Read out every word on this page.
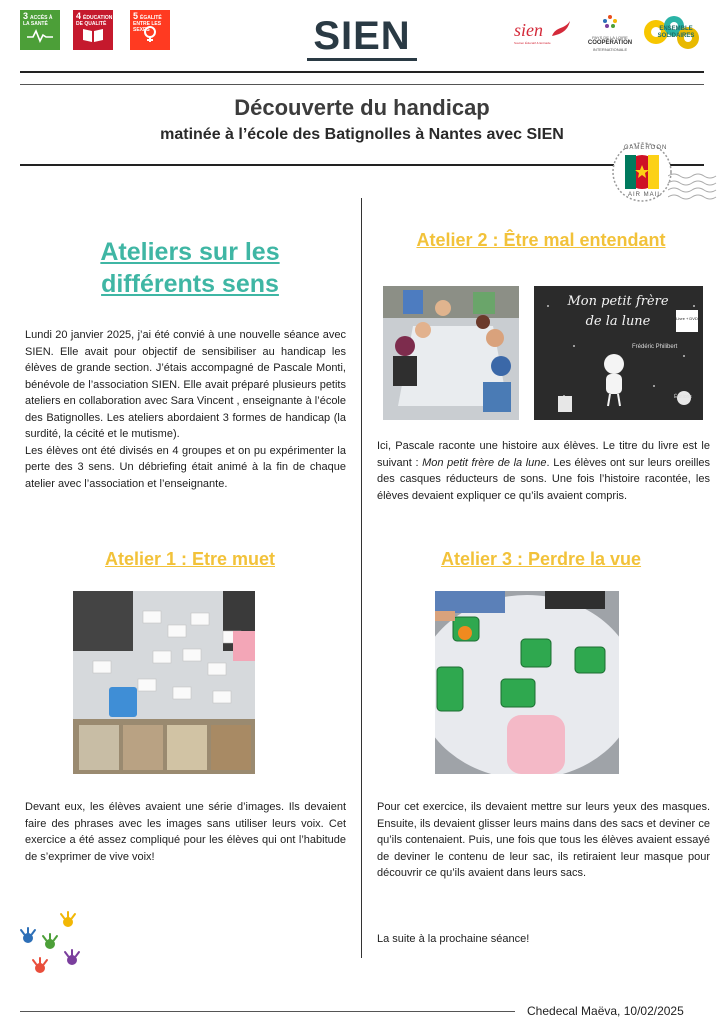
3 ACCÈS À LA SANTÉ
4 ÉDUCATION DE QUALITÉ
5 ÉGALITÉ ENTRE LES SEXES	SIEN	sien
Soutien Éducatif & Entraide
PAYS DE LA LOIRE
COOPÉRATION
INTERNATIONALE
ENSEMBLE SOLIDAIRES
Découverte du handicap
matinée à l’école des Batignolles à Nantes avec SIEN
CAMEROON
AIR MAIL
Ateliers sur les
différents sens
Lundi 20 janvier 2025, j’ai été convié à une nouvelle séance avec SIEN. Elle avait pour objectif de sensibiliser au handicap les élèves de grande section. J’étais accompagné de Pascale Monti, bénévole de l’association SIEN. Elle avait préparé plusieurs petits ateliers en collaboration avec Sara Vincent , enseignante à l’école des Batignolles. Les ateliers abordaient 3 formes de handicap (la surdité, la cécité et le mutisme).
Les élèves ont été divisés en 4 groupes et on pu expérimenter la perte des 3 sens. Un débriefing était animé à la fin de chaque atelier avec l’association et l’enseignante.
Atelier 1 : Etre muet
Devant eux, les élèves avaient une série d’images. Ils devaient faire des phrases avec les images sans utiliser leurs voix. Cet exercice a été assez compliqué pour les élèves qui ont l’habitude de s’exprimer de vive voix!
Atelier 2 : Être mal entendant
Mon petit frère
de la lune
Frédéric Philibert
Livre + DVD
Éditions
Ici, Pascale raconte une histoire aux élèves. Le titre du livre est le suivant : Mon petit frère de la lune. Les élèves ont sur leurs oreilles des casques réducteurs de sons. Une fois l’histoire racontée, les élèves devaient expliquer ce qu’ils avaient compris.
Atelier 3 : Perdre la vue
Pour cet exercice, ils devaient mettre sur leurs yeux des masques. Ensuite, ils devaient glisser leurs mains dans des sacs et deviner ce qu’ils contenaient. Puis, une fois que tous les élèves avaient essayé de deviner le contenu de leur sac, ils retiraient leur masque pour découvrir ce qu’ils avaient dans leurs sacs.
La suite à la prochaine séance!
Chedecal Maëva, 10/02/2025
